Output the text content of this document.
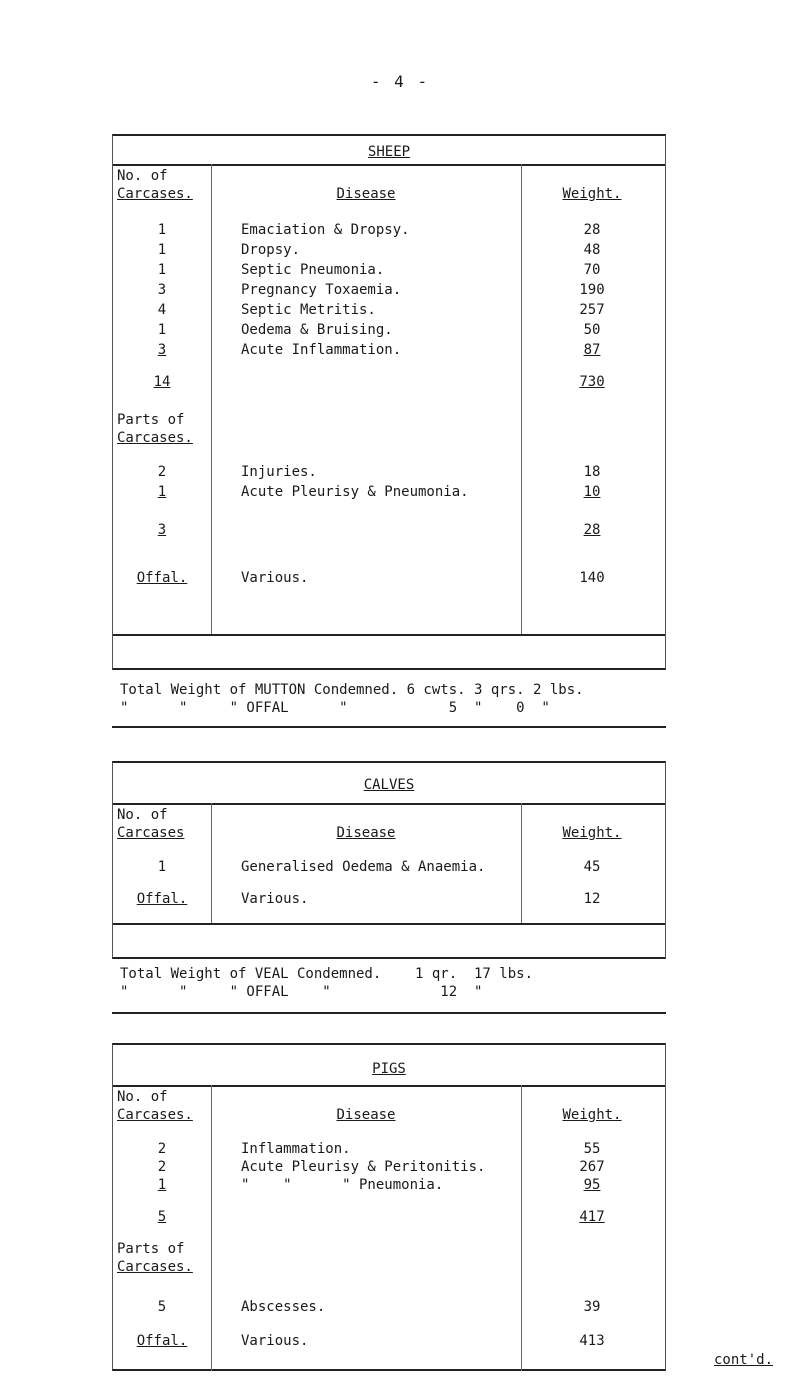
- 4 -
SHEEP
No. of
Carcases.	Disease	Weight.
1	Emaciation & Dropsy.	28
1	Dropsy.	48
1	Septic Pneumonia.	70
3	Pregnancy Toxaemia.	190
4	Septic Metritis.	257
1	Oedema & Bruising.	50
3	Acute Inflammation.	87
14	730
Parts of
Carcases.
2	Injuries.	18
1	Acute Pleurisy & Pneumonia.	10
3	28
Offal.	Various.	140
Total Weight of MUTTON Condemned. 6 cwts. 3 qrs. 2 lbs.
"      "     " OFFAL      "            5  "    0  "
CALVES
No. of
Carcases	Disease	Weight.
1	Generalised Oedema & Anaemia.	45
Offal.	Various.	12
Total Weight of VEAL Condemned.    1 qr.  17 lbs.
"      "     " OFFAL    "             12  "
PIGS
No. of
Carcases.	Disease	Weight.
2	Inflammation.	55
2	Acute Pleurisy & Peritonitis.	267
1	"    "      " Pneumonia.	95
5	417
Parts of
Carcases.
5	Abscesses.	39
Offal.	Various.	413
cont'd.
